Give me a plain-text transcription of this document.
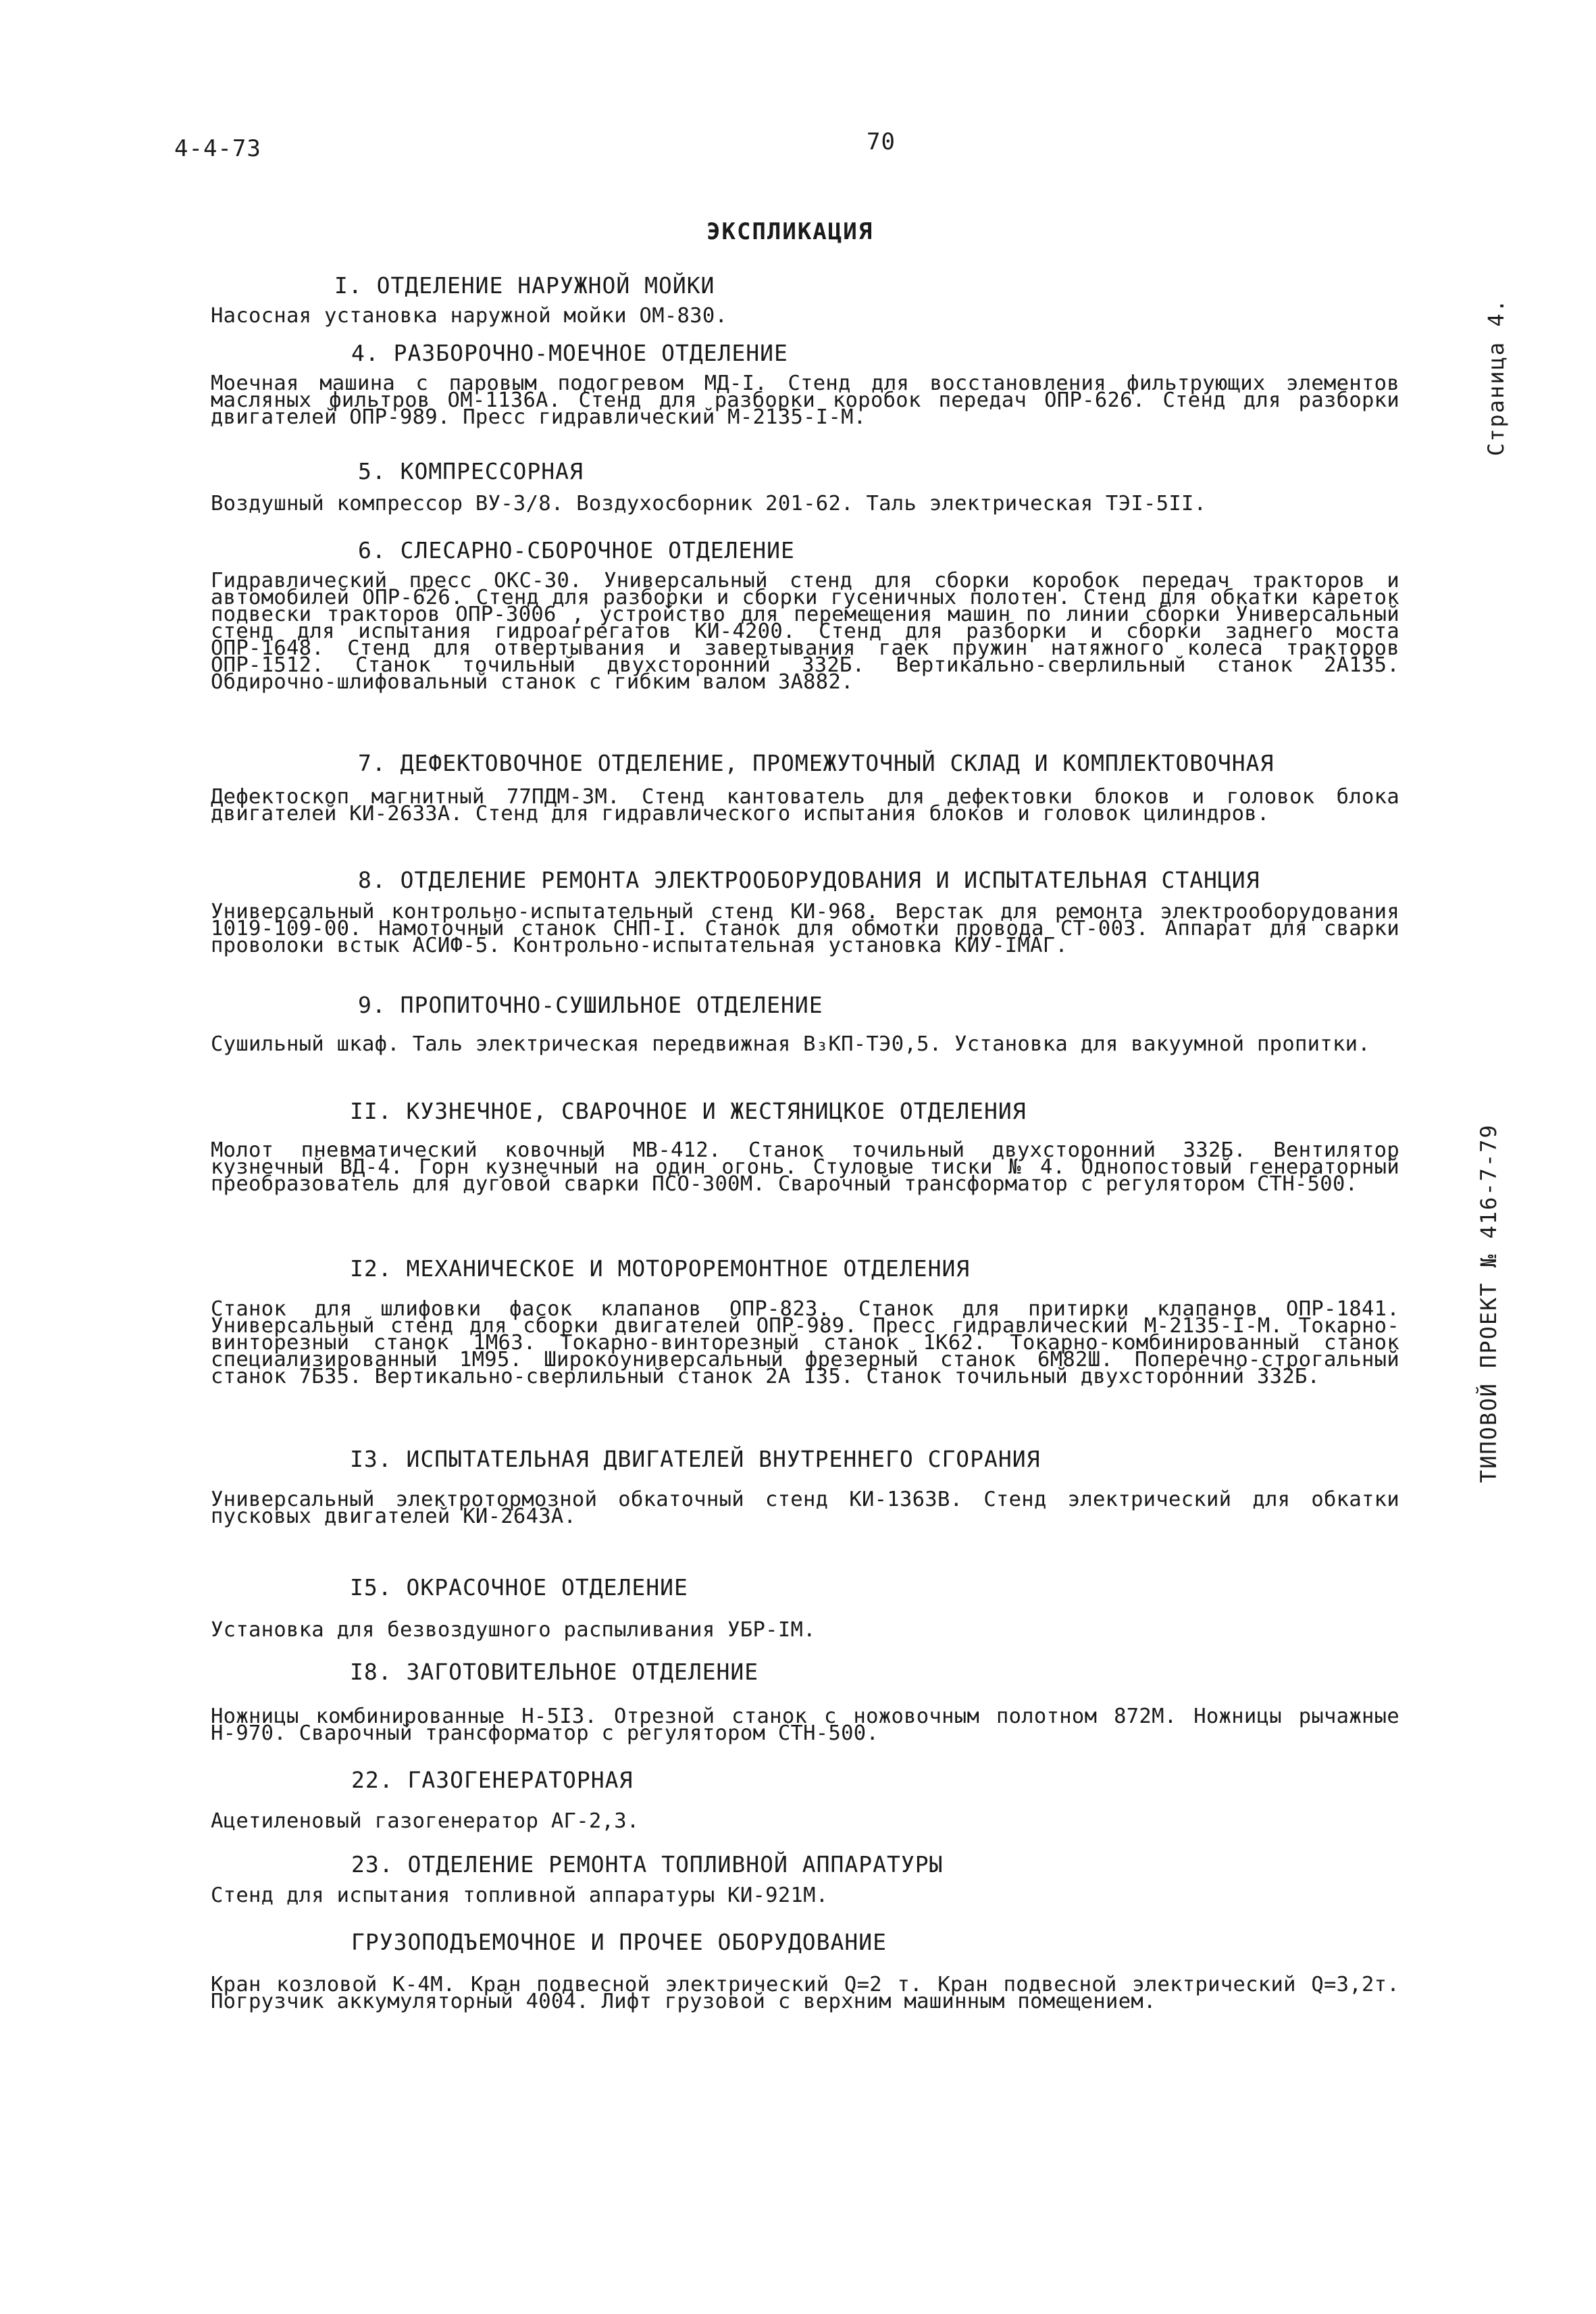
4-4-73	70
ЭКСПЛИКАЦИЯ
Страница 4.
ТИПОВОЙ ПРОЕКТ № 416-7-79
I. ОТДЕЛЕНИЕ НАРУЖНОЙ МОЙКИ
Насосная установка наружной мойки ОМ-830.
4. РАЗБОРОЧНО-МОЕЧНОЕ ОТДЕЛЕНИЕ
Моечная машина с паровым подогревом МД-I. Стенд для восстановления фильтрующих элементов масляных фильтров ОМ-1136А. Стенд для разборки коробок передач ОПР-626. Стенд для разборки двигателей ОПР-989. Пресс гидравлический М-2135-I-М.
5. КОМПРЕССОРНАЯ
Воздушный компрессор ВУ-3/8. Воздухосборник 201-62. Таль электрическая ТЭI-5II.
6. СЛЕСАРНО-СБОРОЧНОЕ ОТДЕЛЕНИЕ
Гидравлический пресс ОКС-30. Универсальный стенд для сборки коробок передач тракторов и автомобилей ОПР-626. Стенд для разборки и сборки гусеничных полотен. Стенд для обкатки кареток подвески тракторов ОПР-3006 , устройство для перемещения машин по линии сборки Универсальный стенд для испытания гидроагрегатов КИ-4200. Стенд для разборки и сборки заднего моста ОПР-1648. Стенд для отвертывания и завертывания гаек пружин натяжного колеса тракторов ОПР-1512. Станок точильный двухсторонний 332Б. Вертикально-сверлильный станок 2А135. Обдирочно-шлифовальный станок с гибким валом 3А882.
7. ДЕФЕКТОВОЧНОЕ ОТДЕЛЕНИЕ, ПРОМЕЖУТОЧНЫЙ СКЛАД И КОМПЛЕКТОВОЧНАЯ
Дефектоскоп магнитный 77ПДМ-3М. Стенд кантователь для дефектовки блоков и головок блока двигателей КИ-2633А. Стенд для гидравлического испытания блоков и головок цилиндров.
8. ОТДЕЛЕНИЕ РЕМОНТА ЭЛЕКТРООБОРУДОВАНИЯ И ИСПЫТАТЕЛЬНАЯ СТАНЦИЯ
Универсальный контрольно-испытательный стенд КИ-968. Верстак для ремонта электрооборудования 1019-109-00. Намоточный станок СНП-I. Станок для обмотки провода СТ-003. Аппарат для сварки проволоки встык АСИФ-5. Контрольно-испытательная установка КИУ-IМАГ.
9. ПРОПИТОЧНО-СУШИЛЬНОЕ ОТДЕЛЕНИЕ
Сушильный шкаф. Таль электрическая передвижная В₃КП-ТЭ0,5. Установка для вакуумной пропитки.
II. КУЗНЕЧНОЕ, СВАРОЧНОЕ И ЖЕСТЯНИЦКОЕ ОТДЕЛЕНИЯ
Молот пневматический ковочный МВ-412. Станок точильный двухсторонний 332Б. Вентилятор кузнечный ВД-4. Горн кузнечный на один огонь. Стуловые тиски № 4. Однопостовый генераторный преобразователь для дуговой сварки ПСО-300М. Сварочный трансформатор с регулятором СТН-500.
I2. МЕХАНИЧЕСКОЕ И МОТОРОРЕМОНТНОЕ ОТДЕЛЕНИЯ
Станок для шлифовки фасок клапанов ОПР-823. Станок для притирки клапанов ОПР-1841. Универсальный стенд для сборки двигателей ОПР-989. Пресс гидравлический М-2135-I-М. Токарно-винторезный станок 1М63. Токарно-винторезный станок 1К62. Токарно-комбинированный станок специализированный 1М95. Широкоуниверсальный фрезерный станок 6М82Ш. Поперечно-строгальный станок 7Б35. Вертикально-сверлильный станок 2А 135. Станок точильный двухсторонний 332Б.
I3. ИСПЫТАТЕЛЬНАЯ ДВИГАТЕЛЕЙ ВНУТРЕННЕГО СГОРАНИЯ
Универсальный электротормозной обкаточный стенд КИ-1363В. Стенд электрический для обкатки пусковых двигателей КИ-2643А.
I5. ОКРАСОЧНОЕ ОТДЕЛЕНИЕ
Установка для безвоздушного распыливания УБР-IМ.
I8. ЗАГОТОВИТЕЛЬНОЕ ОТДЕЛЕНИЕ
Ножницы комбинированные Н-5I3. Отрезной станок с ножовочным полотном 872М. Ножницы рычажные Н-970. Сварочный трансформатор с регулятором СТН-500.
22. ГАЗОГЕНЕРАТОРНАЯ
Ацетиленовый газогенератор АГ-2,3.
23. ОТДЕЛЕНИЕ РЕМОНТА ТОПЛИВНОЙ АППАРАТУРЫ
Стенд для испытания топливной аппаратуры КИ-921М.
ГРУЗОПОДЪЕМОЧНОЕ И ПРОЧЕЕ ОБОРУДОВАНИЕ
Кран козловой К-4М. Кран подвесной электрический Q=2 т. Кран подвесной электрический Q=3,2т. Погрузчик аккумуляторный 4004. Лифт грузовой с верхним машинным помещением.
